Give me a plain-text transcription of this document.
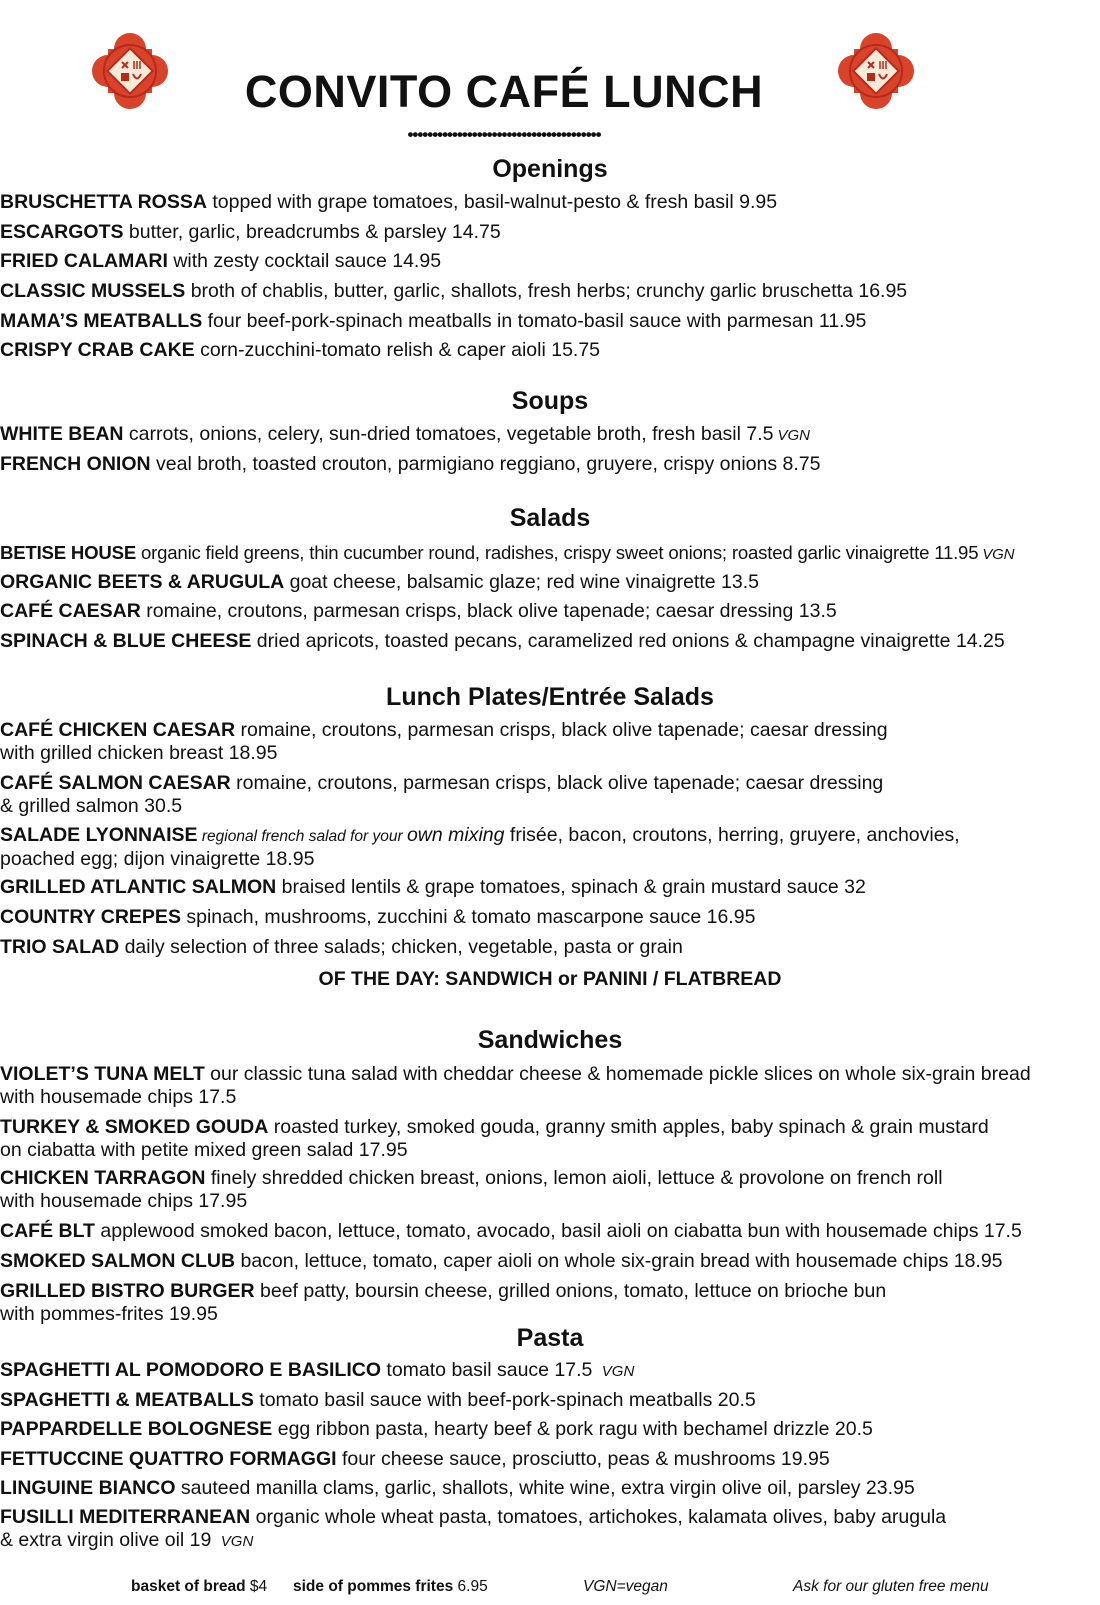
CONVITO CAFÉ LUNCH
•••••••••••••••••••••••••••••••••••••••
Openings
BRUSCHETTA ROSSA topped with grape tomatoes, basil-walnut-pesto & fresh basil 9.95
ESCARGOTS butter, garlic, breadcrumbs & parsley 14.75
FRIED CALAMARI with zesty cocktail sauce 14.95
CLASSIC MUSSELS broth of chablis, butter, garlic, shallots, fresh herbs; crunchy garlic bruschetta 16.95
MAMA’S MEATBALLS four beef-pork-spinach meatballs in tomato-basil sauce with parmesan 11.95
CRISPY CRAB CAKE corn-zucchini-tomato relish & caper aioli 15.75
Soups
WHITE BEAN carrots, onions, celery, sun-dried tomatoes, vegetable broth, fresh basil 7.5 VGN
FRENCH ONION veal broth, toasted crouton, parmigiano reggiano, gruyere, crispy onions 8.75
Salads
BETISE HOUSE organic field greens, thin cucumber round, radishes, crispy sweet onions; roasted garlic vinaigrette 11.95 VGN
ORGANIC BEETS & ARUGULA goat cheese, balsamic glaze; red wine vinaigrette 13.5
CAFÉ CAESAR romaine, croutons, parmesan crisps, black olive tapenade; caesar dressing 13.5
SPINACH & BLUE CHEESE dried apricots, toasted pecans, caramelized red onions & champagne vinaigrette 14.25
Lunch Plates/Entrée Salads
CAFÉ CHICKEN CAESAR romaine, croutons, parmesan crisps, black olive tapenade; caesar dressing
with grilled chicken breast 18.95
CAFÉ SALMON CAESAR romaine, croutons, parmesan crisps, black olive tapenade; caesar dressing
& grilled salmon 30.5
SALADE LYONNAISE regional french salad for your own mixing frisée, bacon, croutons, herring, gruyere, anchovies,
poached egg; dijon vinaigrette 18.95
GRILLED ATLANTIC SALMON braised lentils & grape tomatoes, spinach & grain mustard sauce 32
COUNTRY CREPES spinach, mushrooms, zucchini & tomato mascarpone sauce 16.95
TRIO SALAD daily selection of three salads; chicken, vegetable, pasta or grain
OF THE DAY: SANDWICH or PANINI / FLATBREAD
Sandwiches
VIOLET’S TUNA MELT our classic tuna salad with cheddar cheese & homemade pickle slices on whole six-grain bread
with housemade chips 17.5
TURKEY & SMOKED GOUDA roasted turkey, smoked gouda, granny smith apples, baby spinach & grain mustard
on ciabatta with petite mixed green salad 17.95
CHICKEN TARRAGON finely shredded chicken breast, onions, lemon aioli, lettuce & provolone on french roll
with housemade chips 17.95
CAFÉ BLT applewood smoked bacon, lettuce, tomato, avocado, basil aioli on ciabatta bun with housemade chips 17.5
SMOKED SALMON CLUB bacon, lettuce, tomato, caper aioli on whole six-grain bread with housemade chips 18.95
GRILLED BISTRO BURGER beef patty, boursin cheese, grilled onions, tomato, lettuce on brioche bun
with pommes-frites 19.95
Pasta
SPAGHETTI AL POMODORO E BASILICO tomato basil sauce 17.5 VGN
SPAGHETTI & MEATBALLS tomato basil sauce with beef-pork-spinach meatballs 20.5
PAPPARDELLE BOLOGNESE egg ribbon pasta, hearty beef & pork ragu with bechamel drizzle 20.5
FETTUCCINE QUATTRO FORMAGGI four cheese sauce, prosciutto, peas & mushrooms 19.95
LINGUINE BIANCO sauteed manilla clams, garlic, shallots, white wine, extra virgin olive oil, parsley 23.95
FUSILLI MEDITERRANEAN organic whole wheat pasta, tomatoes, artichokes, kalamata olives, baby arugula
& extra virgin olive oil 19 VGN
basket of bread $4 side of pommes frites 6.95	VGN=vegan	Ask for our gluten free menu
